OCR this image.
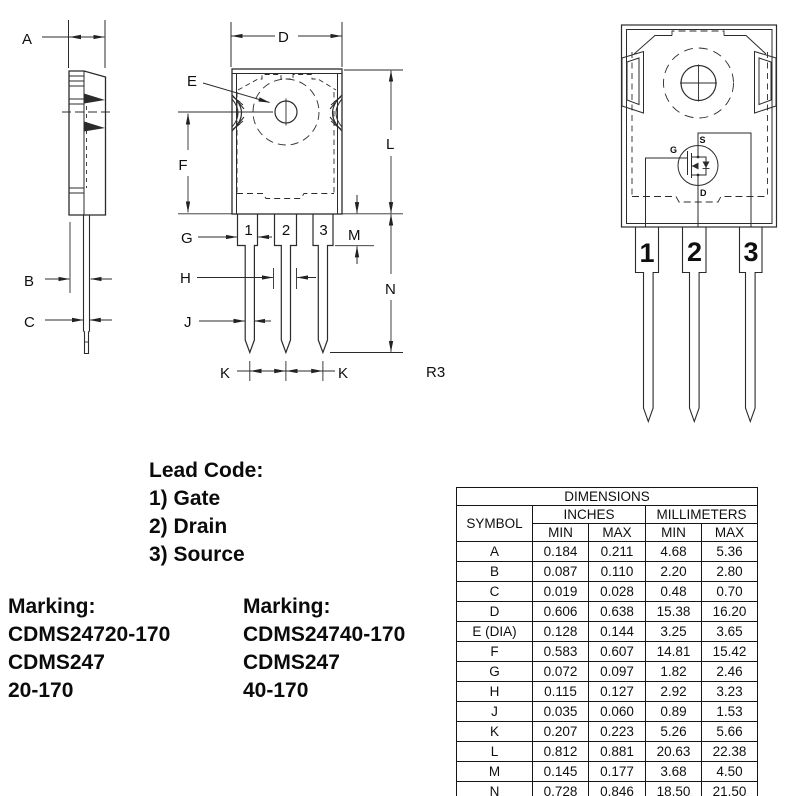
A
B
C
D
E
F
G
H
J
K	K
L
M
N
R3
1 2 3
S
G
D
1 2 3
Lead Code:
1) Gate
2) Drain
3) Source
Marking:
CDMS24720-170
CDMS247
20-170
Marking:
CDMS24740-170
CDMS247
40-170
DIMENSIONS				
SYMBOL	INCHES		MILLIMETERS	
	MIN	MAX	MIN	MAX
A	0.184	0.211	4.68	5.36
B	0.087	0.110	2.20	2.80
C	0.019	0.028	0.48	0.70
D	0.606	0.638	15.38	16.20
E (DIA)	0.128	0.144	3.25	3.65
F	0.583	0.607	14.81	15.42
G	0.072	0.097	1.82	2.46
H	0.115	0.127	2.92	3.23
J	0.035	0.060	0.89	1.53
K	0.207	0.223	5.26	5.66
L	0.812	0.881	20.63	22.38
M	0.145	0.177	3.68	4.50
N	0.728	0.846	18.50	21.50
